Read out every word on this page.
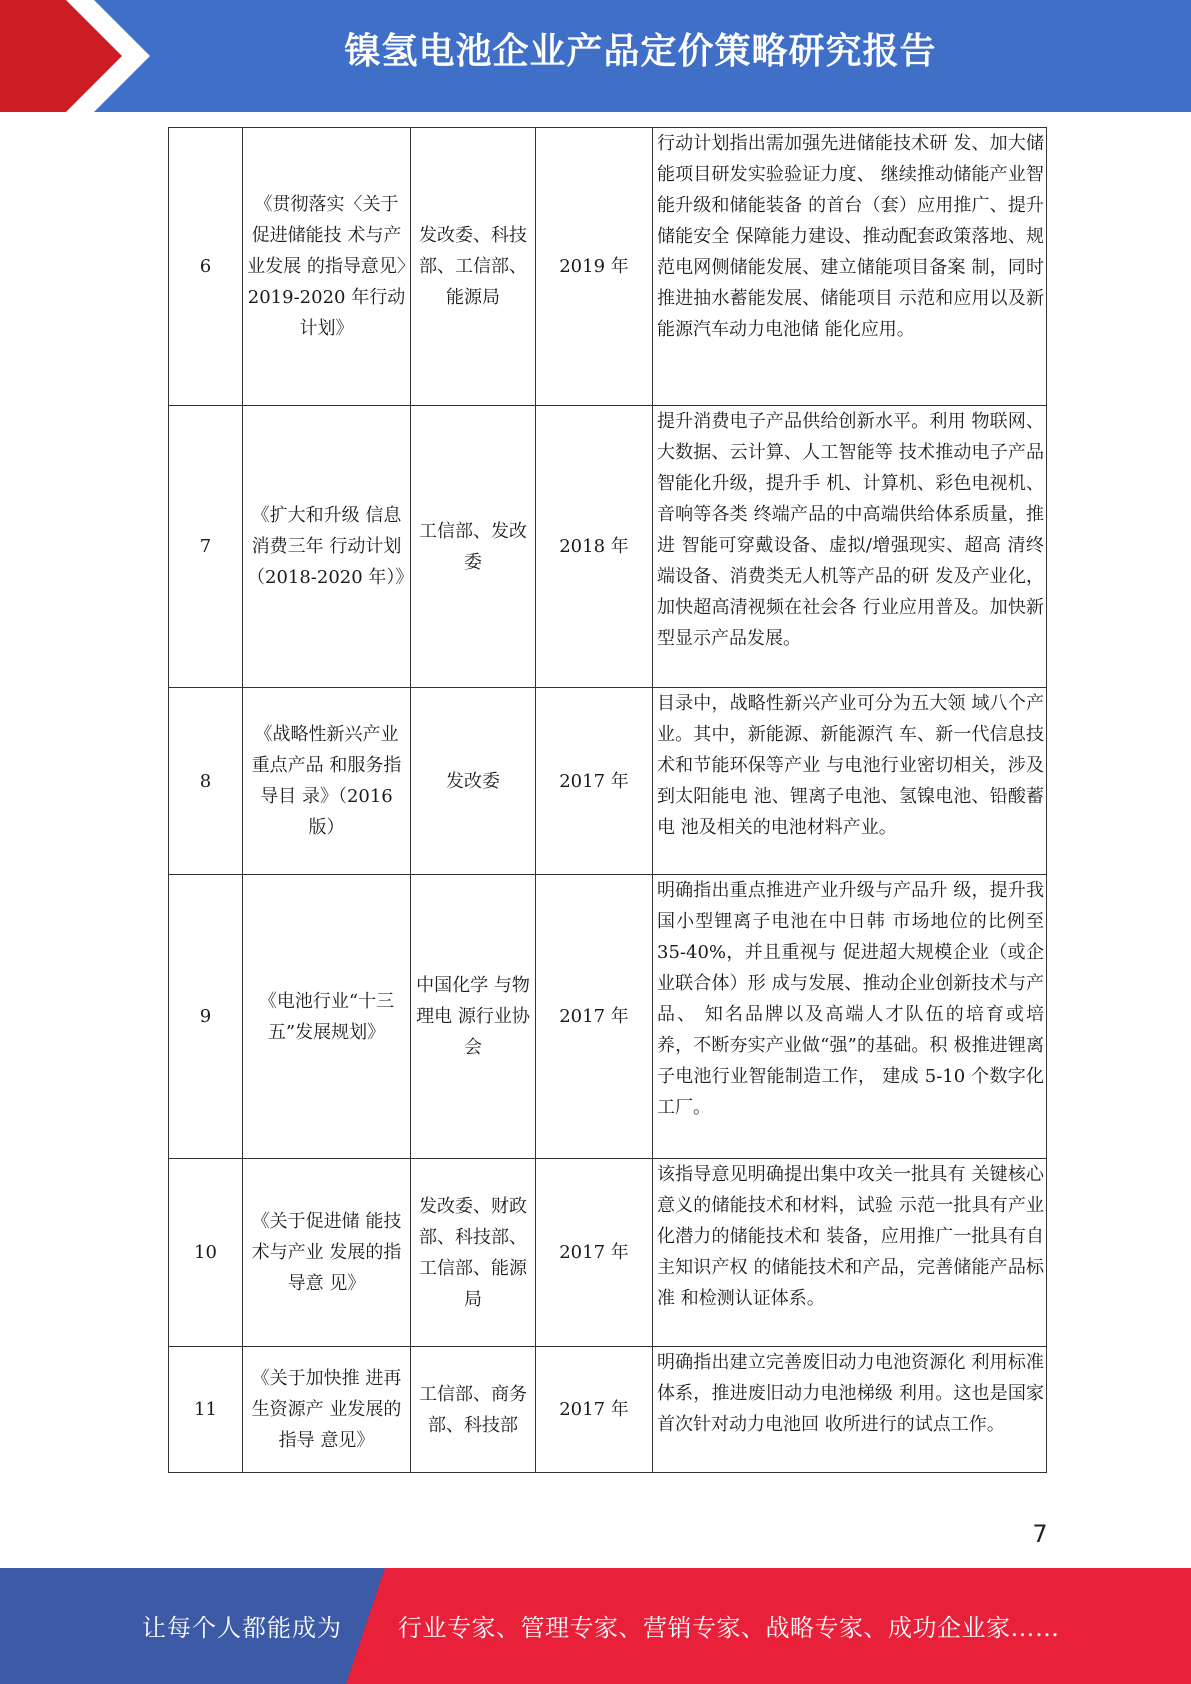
镍氢电池企业产品定价策略研究报告
6	《贯彻落实〈关于促进储能技 术与产业发展 的指导意见〉2019-2020 年行动计划》	发改委、科技部、工信部、能源局	2019 年	行动计划指出需加强先进储能技术研 发、加大储能项目研发实验验证力度、 继续推动储能产业智能升级和储能装备 的首台（套）应用推广、提升储能安全 保障能力建设、推动配套政策落地、规范电网侧储能发展、建立储能项目备案 制，同时推进抽水蓄能发展、储能项目 示范和应用以及新能源汽车动力电池储 能化应用。

7	《扩大和升级 信息消费三年 行动计划（2018-2020 年）》	工信部、发改委	2018 年	提升消费电子产品供给创新水平。利用 物联网、大数据、云计算、人工智能等 技术推动电子产品智能化升级，提升手 机、计算机、彩色电视机、音响等各类 终端产品的中高端供给体系质量，推进 智能可穿戴设备、虚拟/增强现实、超高 清终端设备、消费类无人机等产品的研 发及产业化，加快超高清视频在社会各 行业应用普及。加快新型显示产品发展。

8	《战略性新兴产业重点产品 和服务指导目 录》（2016 版）	发改委	2017 年	目录中，战略性新兴产业可分为五大领 域八个产业。其中，新能源、新能源汽 车、新一代信息技术和节能环保等产业 与电池行业密切相关，涉及到太阳能电 池、锂离子电池、氢镍电池、铅酸蓄电 池及相关的电池材料产业。

9	《电池行业“十三五”发展规划》	中国化学 与物理电 源行业协会	2017 年	明确指出重点推进产业升级与产品升 级，提升我国小型锂离子电池在中日韩 市场地位的比例至 35-40%，并且重视与 促进超大规模企业（或企业联合体）形 成与发展、推动企业创新技术与产品、 知名品牌以及高端人才队伍的培育或培 养，不断夯实产业做“强”的基础。积 极推进锂离子电池行业智能制造工作， 建成 5-10 个数字化工厂。

10	《关于促进储 能技术与产业 发展的指导意 见》	发改委、财政部、科技部、工信部、能源局	2017 年	该指导意见明确提出集中攻关一批具有 关键核心意义的储能技术和材料，试验 示范一批具有产业化潜力的储能技术和 装备，应用推广一批具有自主知识产权 的储能技术和产品，完善储能产品标准 和检测认证体系。

11	《关于加快推 进再生资源产 业发展的指导 意见》	工信部、商务部、科技部	2017 年	明确指出建立完善废旧动力电池资源化 利用标准体系，推进废旧动力电池梯级 利用。这也是国家首次针对动力电池回 收所进行的试点工作。
7
让每个人都能成为 行业专家、管理专家、营销专家、战略专家、成功企业家……
